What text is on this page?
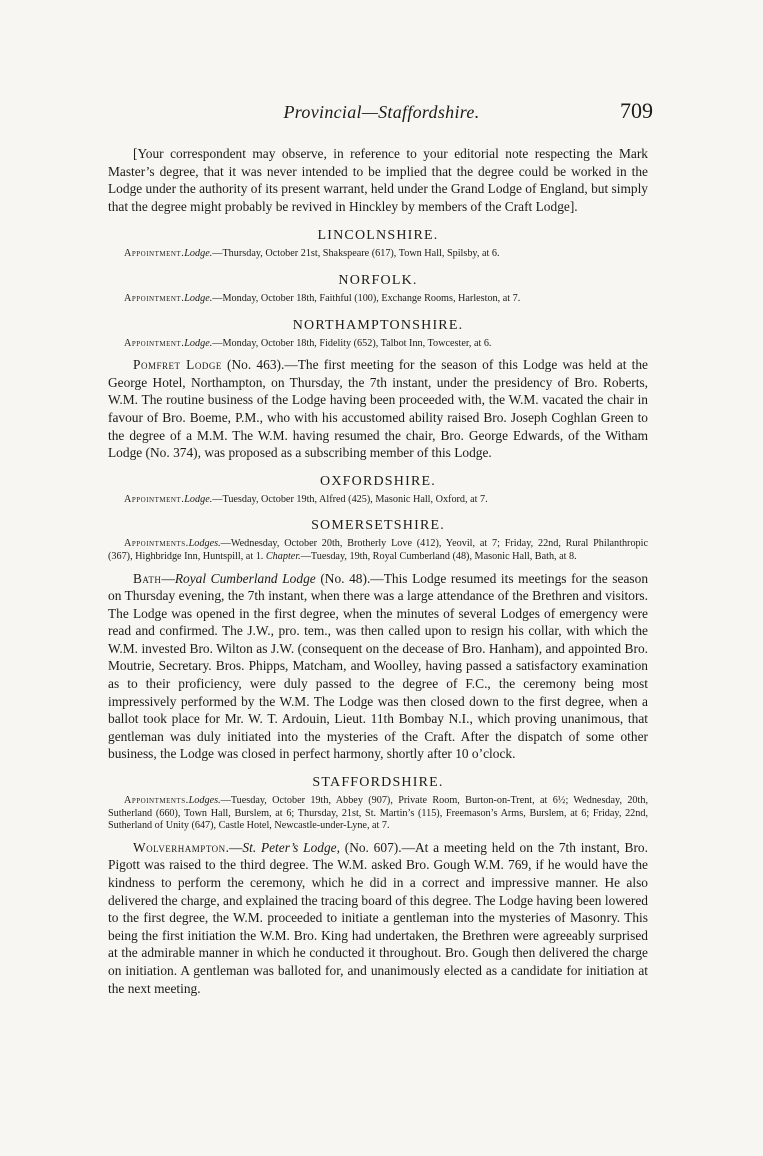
Provincial—Staffordshire.	709

[Your correspondent may observe, in reference to your editorial note respecting the Mark Master’s degree, that it was never intended to be implied that the degree could be worked in the Lodge under the authority of its present warrant, held under the Grand Lodge of England, but simply that the degree might probably be revived in Hinckley by members of the Craft Lodge].

LINCOLNSHIRE.

Appointment.Lodge.—Thursday, October 21st, Shakspeare (617), Town Hall, Spilsby, at 6.

NORFOLK.

Appointment.Lodge.—Monday, October 18th, Faithful (100), Exchange Rooms, Harleston, at 7.

NORTHAMPTONSHIRE.

Appointment.Lodge.—Monday, October 18th, Fidelity (652), Talbot Inn, Towcester, at 6.

Pomfret Lodge (No. 463).—The first meeting for the season of this Lodge was held at the George Hotel, Northampton, on Thursday, the 7th instant, under the presidency of Bro. Roberts, W.M. The routine business of the Lodge having been proceeded with, the W.M. vacated the chair in favour of Bro. Boeme, P.M., who with his accustomed ability raised Bro. Joseph Coghlan Green to the degree of a M.M. The W.M. having resumed the chair, Bro. George Edwards, of the Witham Lodge (No. 374), was proposed as a subscribing member of this Lodge.

OXFORDSHIRE.

Appointment.Lodge.—Tuesday, October 19th, Alfred (425), Masonic Hall, Oxford, at 7.

SOMERSETSHIRE.

Appointments.Lodges.—Wednesday, October 20th, Brotherly Love (412), Yeovil, at 7; Friday, 22nd, Rural Philanthropic (367), Highbridge Inn, Huntspill, at 1. Chapter.—Tuesday, 19th, Royal Cumberland (48), Masonic Hall, Bath, at 8.

Bath—Royal Cumberland Lodge (No. 48).—This Lodge resumed its meetings for the season on Thursday evening, the 7th instant, when there was a large attendance of the Brethren and visitors. The Lodge was opened in the first degree, when the minutes of several Lodges of emergency were read and confirmed. The J.W., pro. tem., was then called upon to resign his collar, with which the W.M. invested Bro. Wilton as J.W. (consequent on the decease of Bro. Hanham), and appointed Bro. Moutrie, Secretary. Bros. Phipps, Matcham, and Woolley, having passed a satisfactory examination as to their proficiency, were duly passed to the degree of F.C., the ceremony being most impressively performed by the W.M. The Lodge was then closed down to the first degree, when a ballot took place for Mr. W. T. Ardouin, Lieut. 11th Bombay N.I., which proving unanimous, that gentleman was duly initiated into the mysteries of the Craft. After the dispatch of some other business, the Lodge was closed in perfect harmony, shortly after 10 o’clock.

STAFFORDSHIRE.

Appointments.Lodges.—Tuesday, October 19th, Abbey (907), Private Room, Burton-on-Trent, at 6½; Wednesday, 20th, Sutherland (660), Town Hall, Burslem, at 6; Thursday, 21st, St. Martin’s (115), Freemason’s Arms, Burslem, at 6; Friday, 22nd, Sutherland of Unity (647), Castle Hotel, Newcastle-under-Lyne, at 7.

Wolverhampton.—St. Peter’s Lodge, (No. 607).—At a meeting held on the 7th instant, Bro. Pigott was raised to the third degree. The W.M. asked Bro. Gough W.M. 769, if he would have the kindness to perform the ceremony, which he did in a correct and impressive manner. He also delivered the charge, and explained the tracing board of this degree. The Lodge having been lowered to the first degree, the W.M. proceeded to initiate a gentleman into the mysteries of Masonry. This being the first initiation the W.M. Bro. King had undertaken, the Brethren were agreeably surprised at the admirable manner in which he conducted it throughout. Bro. Gough then delivered the charge on initiation. A gentleman was balloted for, and unanimously elected as a candidate for initiation at the next meeting.
